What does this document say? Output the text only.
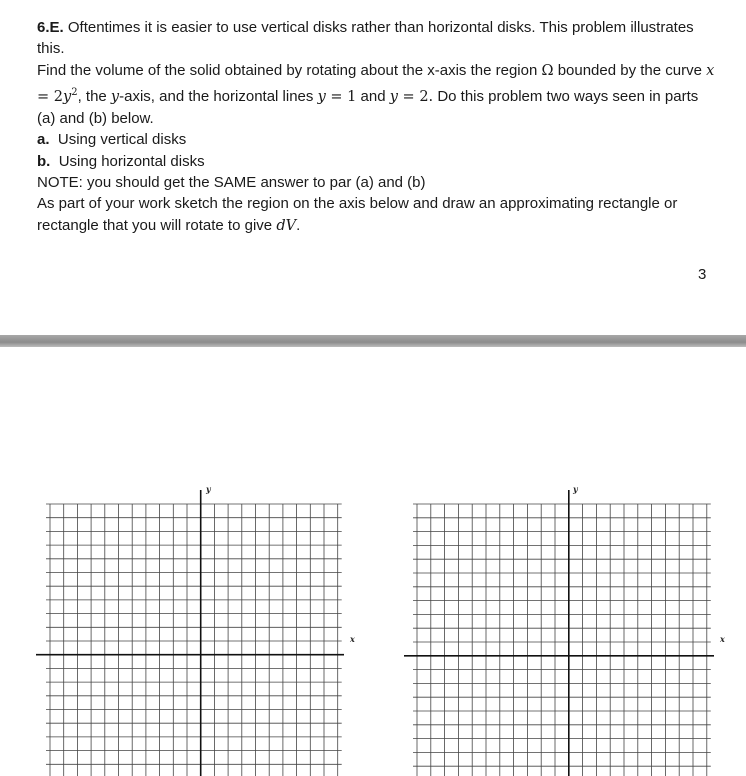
6.E. Oftentimes it is easier to use vertical disks rather than horizontal disks. This problem illustrates this.

Find the volume of the solid obtained by rotating about the x-axis the region Ω bounded by the curve $x = 2y^2$, the y-axis, and the horizontal lines y = 1 and y = 2. Do this problem two ways seen in parts (a) and (b) below.

a. Using vertical disks

b. Using horizontal disks

NOTE: you should get the SAME answer to par (a) and (b)

As part of your work sketch the region on the axis below and draw an approximating rectangle or rectangle that you will rotate to give dV.

3
y
x
y
x
